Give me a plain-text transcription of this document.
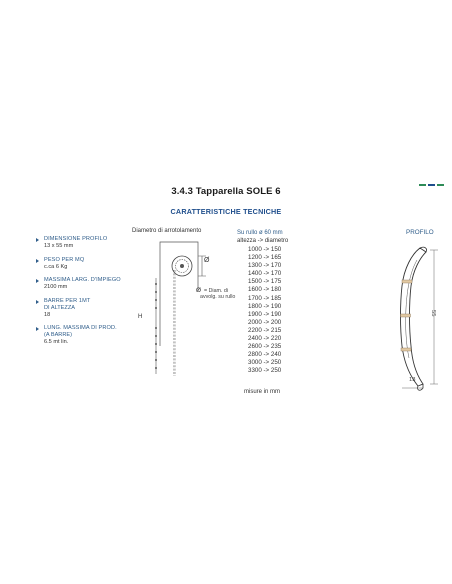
3.4.3 Tapparella SOLE 6
CARATTERISTICHE TECNICHE
DIMENSIONE PROFILO
13 x 55 mm
PESO PER MQ
c.ca 6 Kg
MASSIMA LARG. D'IMPIEGO
2100 mm
BARRE PER 1MT
DI ALTEZZA
18
LUNG. MASSIMA DI PROD.
(A BARRE)
6.5 mt lin.
Diametro di arrotolamento
Ø
Ø = Diam. di
avvolg. su rullo
H
Su rullo ø 60 mm
altezza -> diametro
1000 -> 150
1200 -> 165
1300 -> 170
1400 -> 170
1500 -> 175
1600 -> 180
1700 -> 185
1800 -> 190
1900 -> 190
2000 -> 200
2200 -> 215
2400 -> 220
2600 -> 235
2800 -> 240
3000 -> 250
3300 -> 250
misure in mm
PROFILO
55
13
